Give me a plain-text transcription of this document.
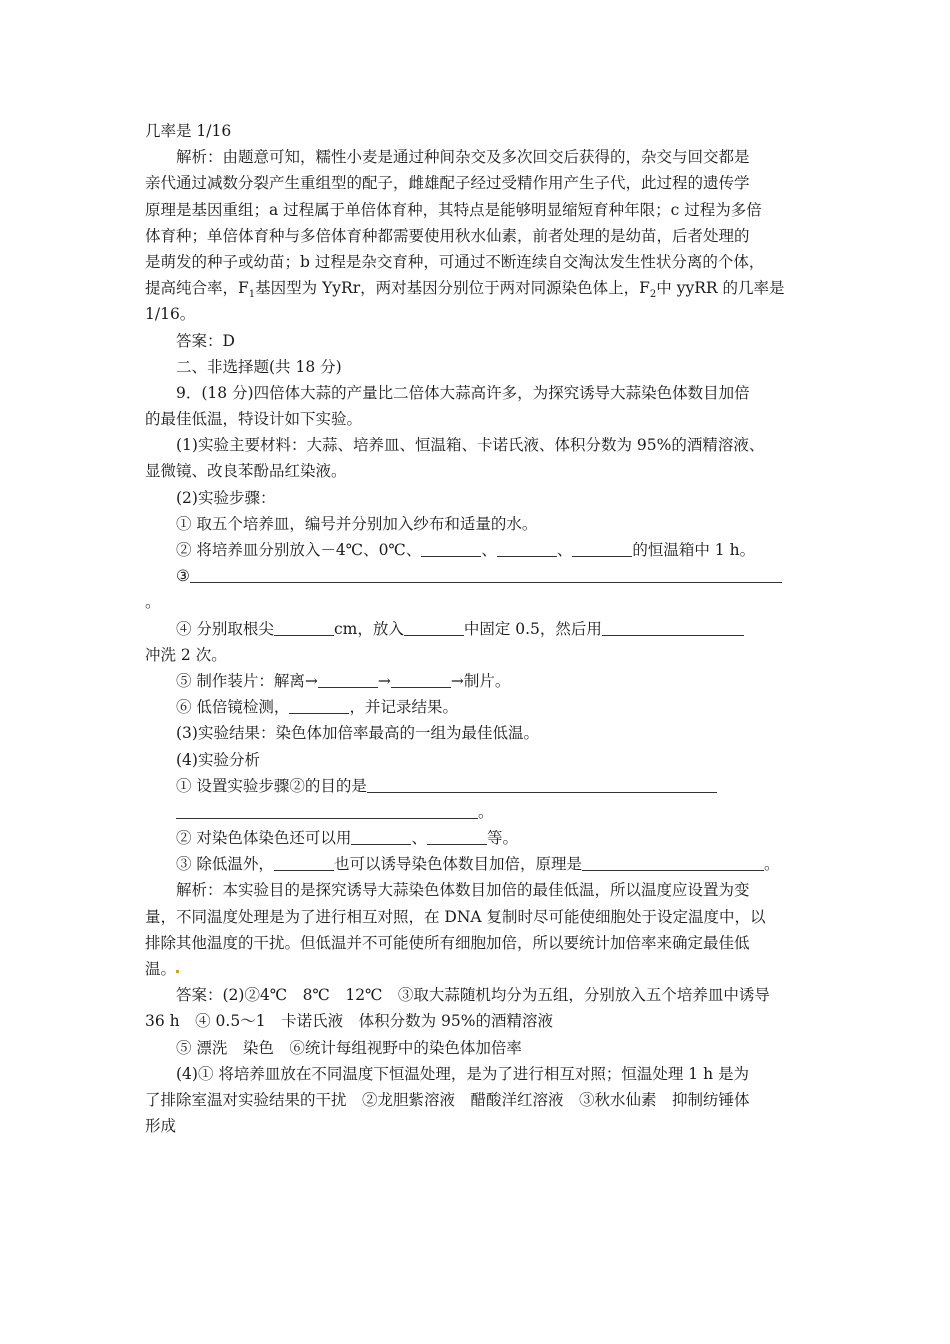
几率是 1/16
解析：由题意可知，糯性小麦是通过种间杂交及多次回交后获得的，杂交与回交都是
亲代通过减数分裂产生重组型的配子，雌雄配子经过受精作用产生子代，此过程的遗传学
原理是基因重组；a 过程属于单倍体育种，其特点是能够明显缩短育种年限；c 过程为多倍
体育种；单倍体育种与多倍体育种都需要使用秋水仙素，前者处理的是幼苗，后者处理的
是萌发的种子或幼苗；b 过程是杂交育种，可通过不断连续自交淘汰发生性状分离的个体，
提高纯合率，$F_1$基因型为 YyRr，两对基因分别位于两对同源染色体上，$F_2$中 yyRR 的几率是
1/16。
答案：D
二、非选择题(共 18 分)
9．(18 分)四倍体大蒜的产量比二倍体大蒜高许多，为探究诱导大蒜染色体数目加倍
的最佳低温，特设计如下实验。
(1)实验主要材料：大蒜、培养皿、恒温箱、卡诺氏液、体积分数为 95%的酒精溶液、
显微镜、改良苯酚品红染液。
(2)实验步骤：
① 取五个培养皿，编号并分别加入纱布和适量的水。
② 将培养皿分别放入－4℃、0℃、	、	、	的恒温箱中 1 h。
③
。
④ 分别取根尖	cm，放入	中固定 0.5，然后用
冲洗 2 次。
⑤ 制作装片：解离→	→	→制片。
⑥ 低倍镜检测，	，并记录结果。
(3)实验结果：染色体加倍率最高的一组为最佳低温。
(4)实验分析
① 设置实验步骤②的目的是
。
② 对染色体染色还可以用	、	等。
③ 除低温外，	也可以诱导染色体数目加倍，原理是	。
解析：本实验目的是探究诱导大蒜染色体数目加倍的最佳低温，所以温度应设置为变
量，不同温度处理是为了进行相互对照，在 DNA 复制时尽可能使细胞处于设定温度中，以
排除其他温度的干扰。但低温并不可能使所有细胞加倍，所以要统计加倍率来确定最佳低
温。
答案：(2)②4℃　8℃　12℃　③取大蒜随机均分为五组，分别放入五个培养皿中诱导
36 h　④ 0.5～1　卡诺氏液　体积分数为 95%的酒精溶液
⑤ 漂洗　染色　⑥统计每组视野中的染色体加倍率
(4)① 将培养皿放在不同温度下恒温处理，是为了进行相互对照；恒温处理 1 h 是为
了排除室温对实验结果的干扰　②龙胆紫溶液　醋酸洋红溶液　③秋水仙素　抑制纺锤体
形成
